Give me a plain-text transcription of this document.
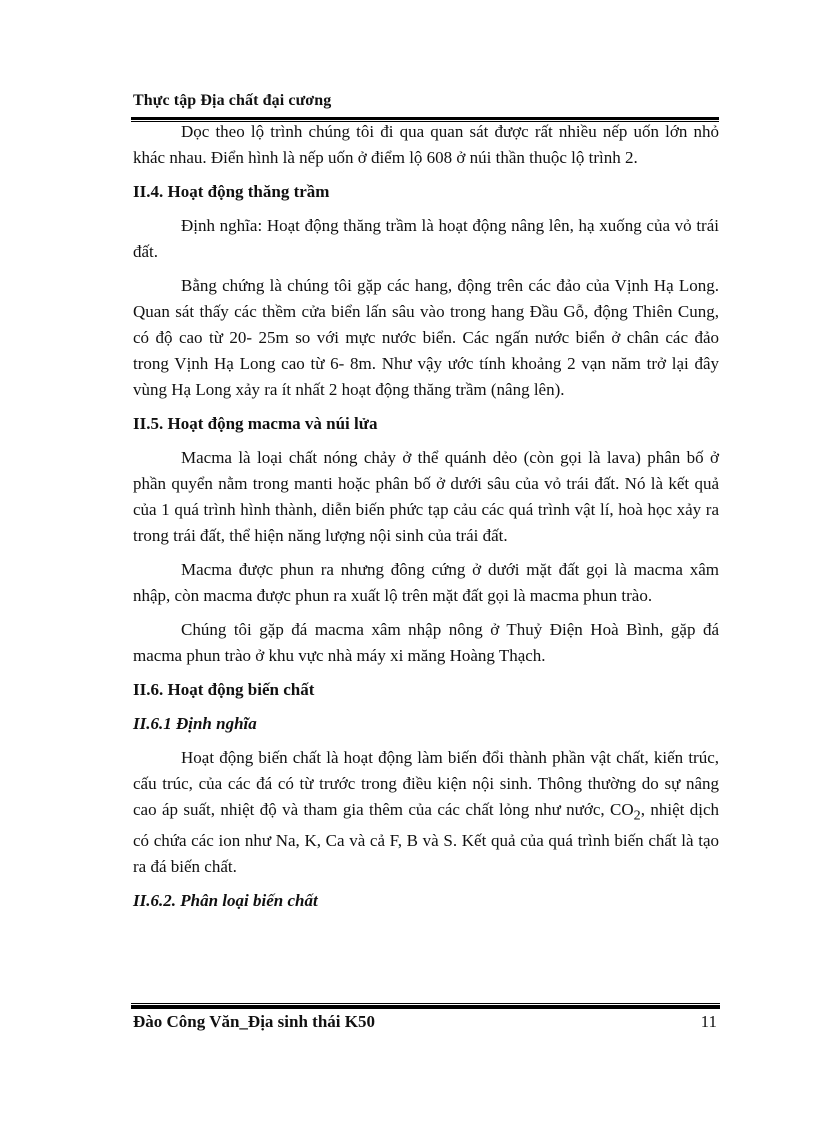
Thực tập Địa chất đại cương

Dọc theo lộ trình chúng tôi đi qua quan sát được rất nhiều nếp uốn lớn nhỏ khác nhau. Điển hình là nếp uốn ở điểm lộ 608 ở núi thần thuộc lộ trình 2.

II.4. Hoạt động thăng trầm

Định nghĩa: Hoạt động thăng trầm là hoạt động nâng lên, hạ xuống của vỏ trái đất.

Bằng chứng là chúng tôi gặp các hang, động trên các đảo của Vịnh Hạ Long. Quan sát thấy các thềm cửa biển lấn sâu vào trong hang Đầu Gỗ, động Thiên Cung, có độ cao từ 20- 25m so với mực nước biển. Các ngấn nước biển ở chân các đảo trong Vịnh Hạ Long cao từ 6- 8m. Như vậy ước tính khoảng 2 vạn năm trở lại đây vùng Hạ Long xảy ra ít nhất 2 hoạt động thăng trầm (nâng lên).

II.5. Hoạt động macma và núi lửa

Macma là loại chất nóng chảy ở thể quánh dẻo (còn gọi là lava) phân bố ở phần quyển nằm trong manti hoặc phân bố ở dưới sâu của vỏ trái đất. Nó là kết quả của 1 quá trình hình thành, diễn biến phức tạp cảu các quá trình vật lí, hoà học xảy ra trong trái đất, thể hiện năng lượng nội sinh của trái đất.

Macma được phun ra nhưng đông cứng ở dưới mặt đất gọi là macma xâm nhập, còn macma được phun ra xuất lộ trên mặt đất gọi là macma phun trào.

Chúng tôi gặp đá macma xâm nhập nông ở Thuỷ Điện Hoà Bình, gặp đá macma phun trào ở khu vực nhà máy xi măng Hoàng Thạch.

II.6. Hoạt động biến chất
II.6.1 Định nghĩa

Hoạt động biến chất là hoạt động làm biến đổi thành phần vật chất, kiến trúc, cấu trúc, của các đá có từ trước trong điều kiện nội sinh. Thông thường do sự nâng cao áp suất, nhiệt độ và tham gia thêm của các chất lỏng như nước, $CO_2$, nhiệt dịch có chứa các ion như Na, K, Ca và cả F, B và S. Kết quả của quá trình biến chất là tạo ra đá biến chất.

II.6.2. Phân loại biến chất
Đào Công Văn_Địa sinh thái K50	11
